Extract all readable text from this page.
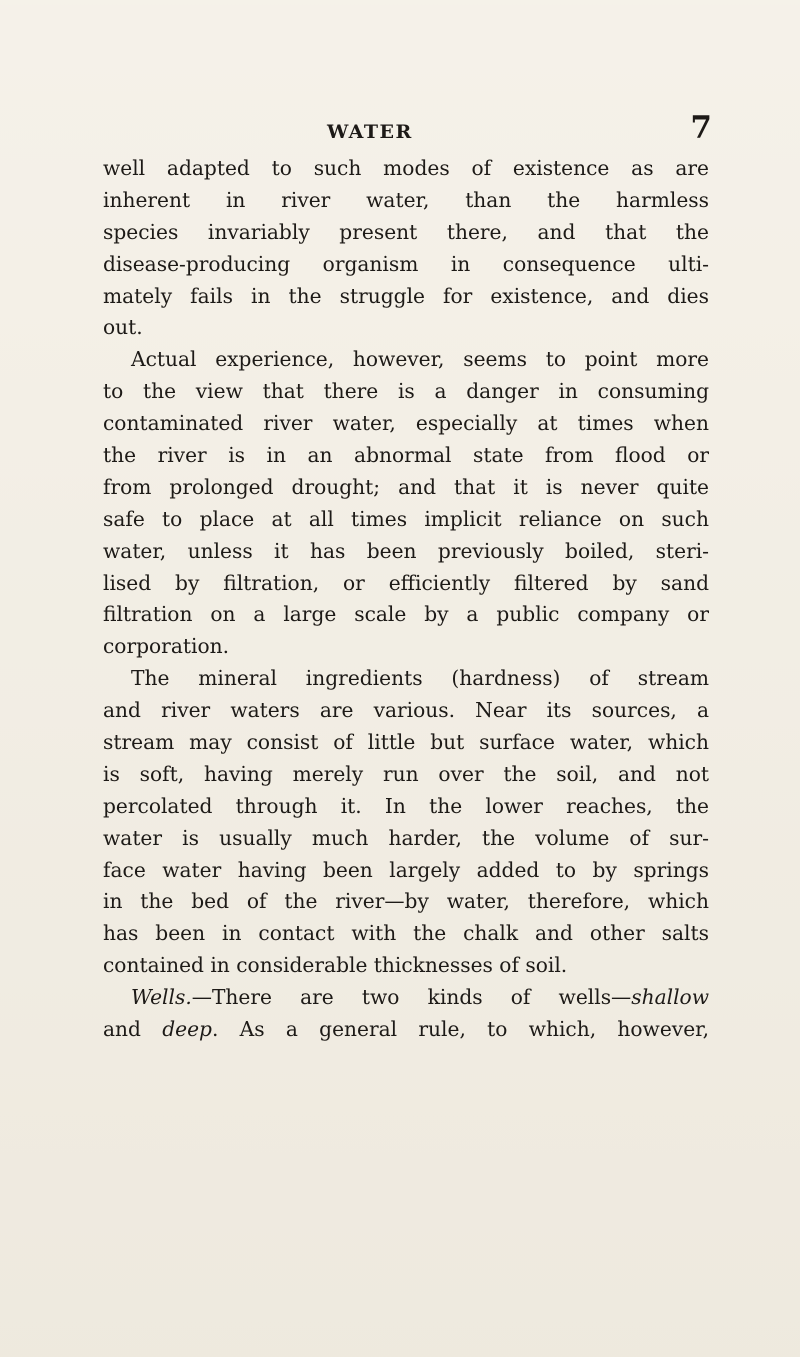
WATER	7
well adapted to such modes of existence as are
inherent in river water, than the harmless
species invariably present there, and that the
disease-producing organism in consequence ulti-
mately fails in the struggle for existence, and dies
out.
Actual experience, however, seems to point more
to the view that there is a danger in consuming
contaminated river water, especially at times when
the river is in an abnormal state from flood or
from prolonged drought; and that it is never quite
safe to place at all times implicit reliance on such
water, unless it has been previously boiled, steri-
lised by filtration, or efficiently filtered by sand
filtration on a large scale by a public company or
corporation.
The mineral ingredients (hardness) of stream
and river waters are various. Near its sources, a
stream may consist of little but surface water, which
is soft, having merely run over the soil, and not
percolated through it. In the lower reaches, the
water is usually much harder, the volume of sur-
face water having been largely added to by springs
in the bed of the river—by water, therefore, which
has been in contact with the chalk and other salts
contained in considerable thicknesses of soil.
Wells.—There are two kinds of wells—shallow
and deep. As a general rule, to which, however,
